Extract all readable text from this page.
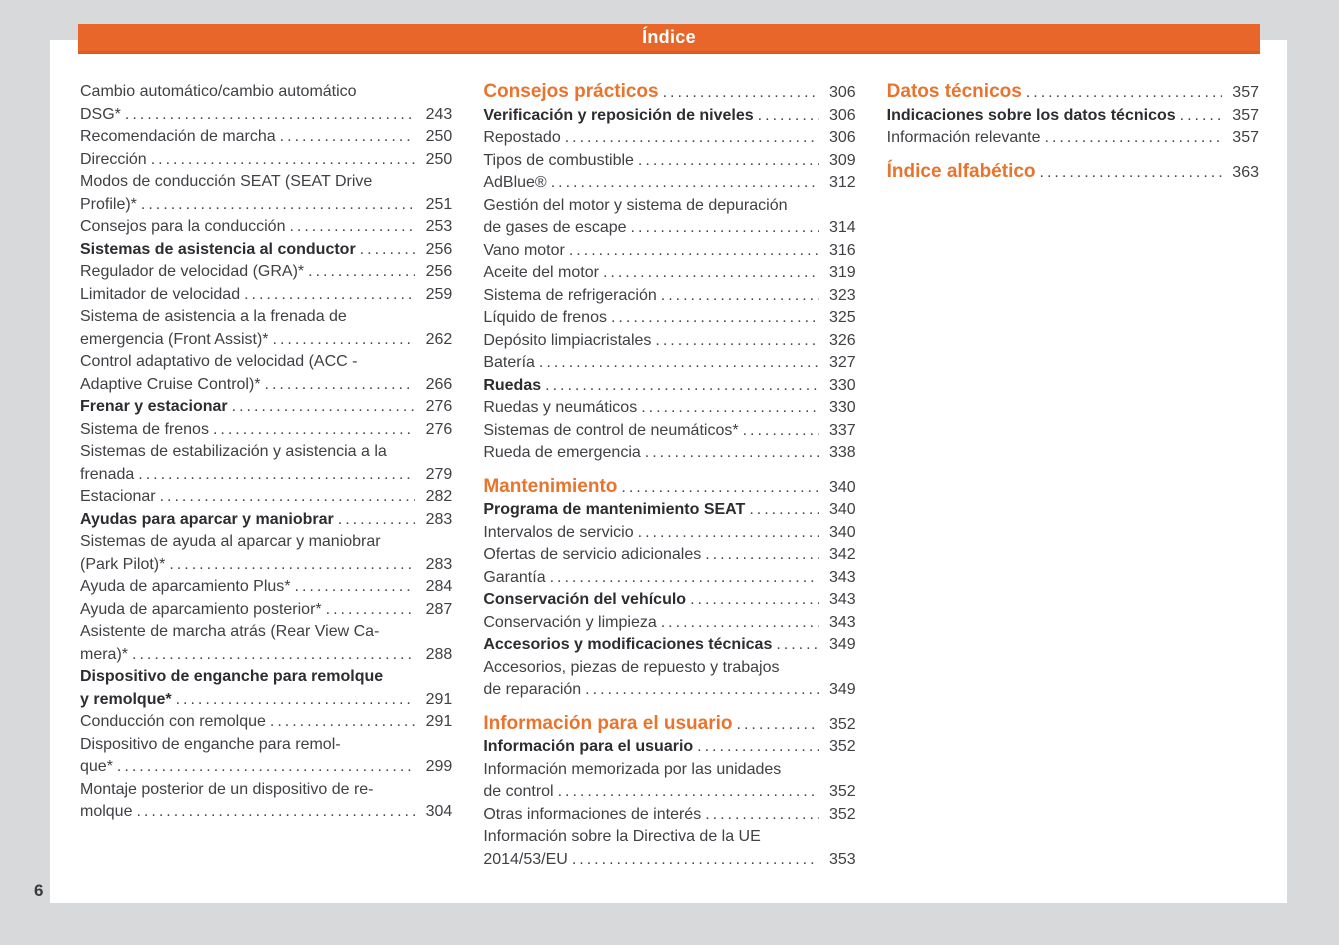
Índice
Cambio automático/cambio automático
DSG* .....	243
Recomendación de marcha .....	250
Dirección .....	250
Modos de conducción SEAT (SEAT Drive
Profile)* .....	251
Consejos para la conducción .....	253
Sistemas de asistencia al conductor .....	256
Regulador de velocidad (GRA)* .....	256
Limitador de velocidad .....	259
Sistema de asistencia a la frenada de
emergencia (Front Assist)* .....	262
Control adaptativo de velocidad (ACC -
Adaptive Cruise Control)* .....	266
Frenar y estacionar .....	276
Sistema de frenos .....	276
Sistemas de estabilización y asistencia a la
frenada .....	279
Estacionar .....	282
Ayudas para aparcar y maniobrar .....	283
Sistemas de ayuda al aparcar y maniobrar
(Park Pilot)* .....	283
Ayuda de aparcamiento Plus* .....	284
Ayuda de aparcamiento posterior* .....	287
Asistente de marcha atrás (Rear View Ca-
mera)* .....	288
Dispositivo de enganche para remolque
y remolque* .....	291
Conducción con remolque .....	291
Dispositivo de enganche para remol-
que* .....	299
Montaje posterior de un dispositivo de re-
molque .....	304
Consejos prácticos .....	306
Verificación y reposición de niveles .....	306
Repostado .....	306
Tipos de combustible .....	309
AdBlue® .....	312
Gestión del motor y sistema de depuración
de gases de escape .....	314
Vano motor .....	316
Aceite del motor .....	319
Sistema de refrigeración .....	323
Líquido de frenos .....	325
Depósito limpiacristales .....	326
Batería .....	327
Ruedas .....	330
Ruedas y neumáticos .....	330
Sistemas de control de neumáticos* .....	337
Rueda de emergencia .....	338
Mantenimiento .....	340
Programa de mantenimiento SEAT .....	340
Intervalos de servicio .....	340
Ofertas de servicio adicionales .....	342
Garantía .....	343
Conservación del vehículo .....	343
Conservación y limpieza .....	343
Accesorios y modificaciones técnicas .....	349
Accesorios, piezas de repuesto y trabajos
de reparación .....	349
Información para el usuario .....	352
Información para el usuario .....	352
Información memorizada por las unidades
de control .....	352
Otras informaciones de interés .....	352
Información sobre la Directiva de la UE
2014/53/EU .....	353
Datos técnicos .....	357
Indicaciones sobre los datos técnicos .....	357
Información relevante .....	357
Índice alfabético .....	363
6
